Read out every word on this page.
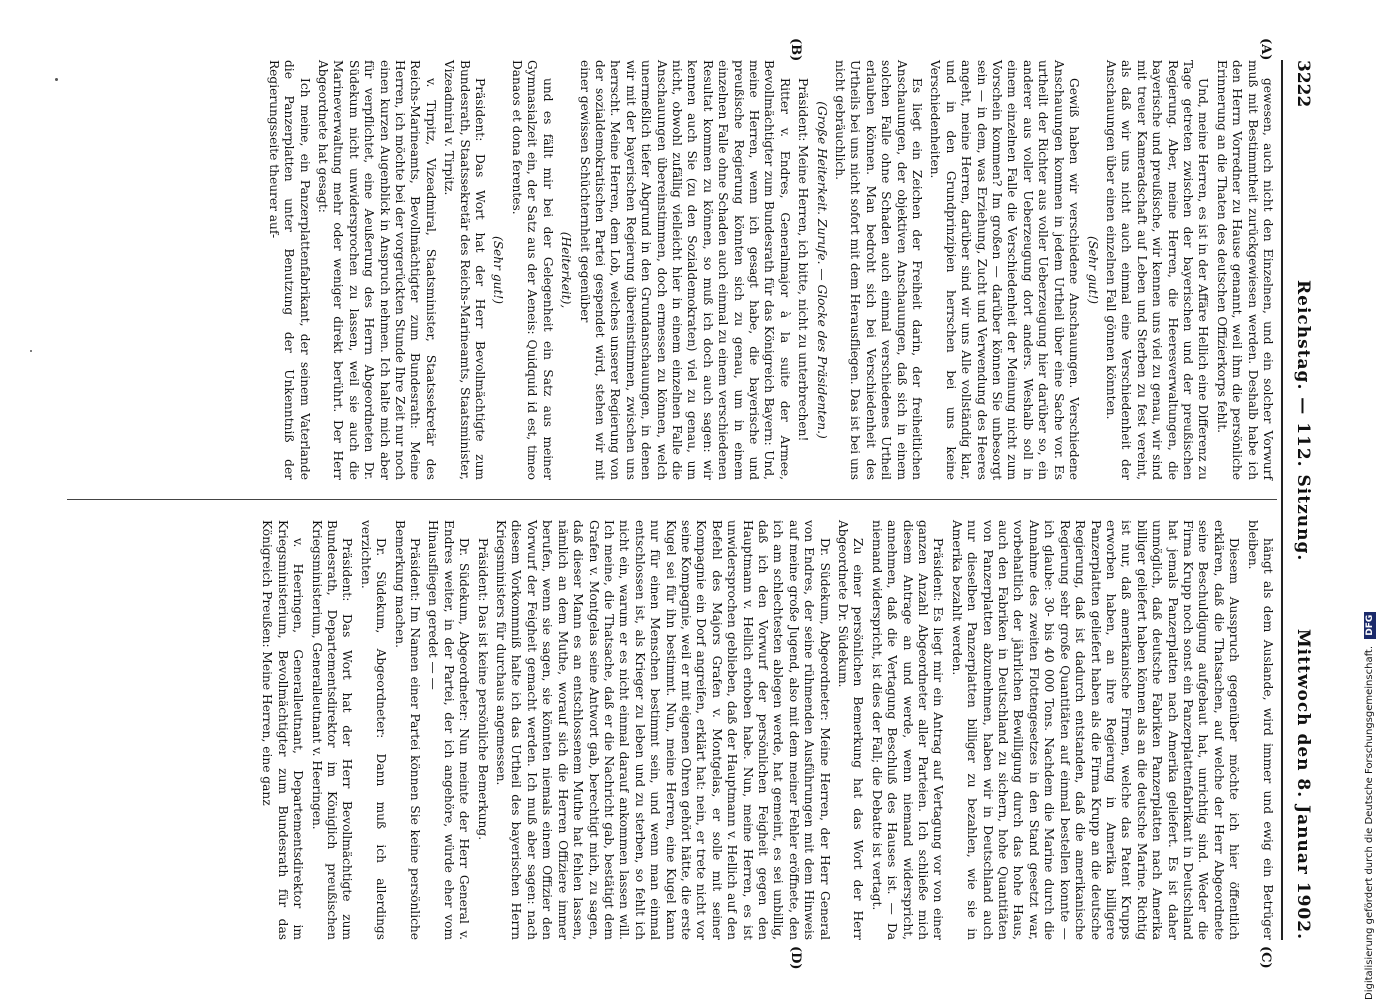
3222
Reichstag. — 112. Sitzung.
Mittwoch den 8. Januar 1902.
(A)
(B)
(C)
(D)

gewesen, auch nicht den Einzelnen, und ein solcher Vorwurf muß mit Bestimmtheit zurückgewiesen werden. Deshalb habe ich den Herrn Vorredner zu Hause genannt, weil ihm die persönliche Erinnerung an die Thaten des deutschen Offizierkorps fehlt.

Und, meine Herren, es ist in der Affäre Hellich eine Differenz zu Tage getreten zwischen der bayerischen und der preußischen Regierung. Aber, meine Herren, die Heeresverwaltungen, die bayerische und preußische, wir kennen uns viel zu genau, wir sind mit treuer Kameradschaft auf Leben und Sterben zu fest vereint, als daß wir uns nicht auch einmal eine Verschiedenheit der Anschauungen über einen einzelnen Fall gönnen könnten.

(Sehr gut!)

Gewiß haben wir verschiedene Anschauungen. Verschiedene Anschauungen kommen in jedem Urtheil über eine Sache vor. Es urtheilt der Richter aus voller Ueberzeugung hier darüber so, ein anderer aus voller Ueberzeugung dort anders. Weshalb soll in einem einzelnen Falle die Verschiedenheit der Meinung nicht zum Vorschein kommen? Im großen — darüber können Sie unbesorgt sein — in dem, was Erziehung, Zucht und Verwendung des Heeres angeht, meine Herren, darüber sind wir uns Alle vollständig klar, und in den Grundprinzipien herrschen bei uns keine Verschiedenheiten.

Es liegt ein Zeichen der Freiheit darin, der freiheitlichen Anschauungen, der objektiven Anschauungen, daß sich in einem solchen Falle ohne Schaden auch einmal verschiedenes Urtheil erlauben können. Man bedroht sich bei Verschiedenheit des Urtheils bei uns nicht sofort mit dem Herausfliegen. Das ist bei uns nicht gebräuchlich.

(Große Heiterkeit. Zurufe. — Glocke des Präsidenten.)

Präsident: Meine Herren, ich bitte, nicht zu unterbrechen!

Ritter v. Endres, Generalmajor à la suite der Armee, Bevollmächtigter zum Bundesrath für das Königreich Bayern: Und, meine Herren, wenn ich gesagt habe, die bayerische und preußische Regierung könnten sich zu genau, um in einem einzelnen Falle ohne Schaden auch einmal zu einem verschiedenen Resultat kommen zu können, so muß ich doch auch sagen: wir kennen auch Sie (zu den Sozialdemokraten) viel zu genau, um nicht, obwohl zufällig vielleicht hier in einem einzelnen Falle die Anschauungen übereinstimmen, doch ermessen zu können, welch unermeßlich tiefer Abgrund in den Grundanschauungen, in denen wir mit der bayerischen Regierung übereinstimmen, zwischen uns herrscht. Meine Herren, dem Lob, welches unserer Regierung von der sozialdemokratischen Partei gespendet wird, stehen wir mit einer gewissen Schüchternheit gegenüber

(Heiterkeit),

und es fällt mir bei der Gelegenheit ein Satz aus meiner Gymnasialzeit ein, der Satz aus der Aeneis: Quidquid id est, timeo Danaos et dona ferentes.

(Sehr gut!)

Präsident: Das Wort hat der Herr Bevollmächtigte zum Bundesrath, Staatssekretär des Reichs-Marineamts, Staatsminister, Vizeadmiral v. Tirpitz.

v. Tirpitz, Vizeadmiral, Staatsminister, Staatssekretär des Reichs-Marineamts, Bevollmächtigter zum Bundesrath: Meine Herren, ich möchte bei der vorgerückten Stunde Ihre Zeit nur noch einen kurzen Augenblick in Anspruch nehmen. Ich halte mich aber für verpflichtet, eine Aeußerung des Herrn Abgeordneten Dr. Südekum nicht unwidersprochen zu lassen, weil sie auch die Marineverwaltung mehr oder weniger direkt berührt. Der Herr Abgeordnete hat gesagt:

Ich meine, ein Panzerplattenfabrikant, der seinem Vaterlande die Panzerplatten unter Benutzung der Unkenntniß der Regierungsseite theurer auf-

hängt als dem Auslande, wird immer und ewig ein Betrüger bleiben.

Diesem Ausspruch gegenüber möchte ich hier öffentlich erklären, daß die Thatsachen, auf welche der Herr Abgeordnete seine Beschuldigung aufgebaut hat, unrichtig sind. Weder die Firma Krupp noch sonst ein Panzerplattenfabrikant in Deutschland hat jemals Panzerplatten nach Amerika geliefert. Es ist daher unmöglich, daß deutsche Fabriken Panzerplatten nach Amerika billiger geliefert haben können als an die deutsche Marine. Richtig ist nur, daß amerikanische Firmen, welche das Patent Krupps erworben haben, an ihre Regierung in Amerika billigere Panzerplatten geliefert haben als die Firma Krupp an die deutsche Regierung, daß ist dadurch entstanden, daß die amerikanische Regierung sehr große Quantitäten auf einmal bestellen konnte — ich glaube: 30- bis 40 000 Tons. Nachdem die Marine durch die Annahme des zweiten Flottengesetzes in den Stand gesetzt war, vorbehaltlich der jährlichen Bewilligung durch das hohe Haus, auch den Fabriken in Deutschland zu sichern, hohe Quantitäten von Panzerplatten abzunehmen, haben wir in Deutschland auch nur dieselben Panzerplatten billiger zu bezahlen, wie sie in Amerika bezahlt werden.

Präsident: Es liegt mir ein Antrag auf Vertagung vor von einer ganzen Anzahl Abgeordneter aller Parteien. Ich schließe mich diesem Antrage an und werde, wenn niemand widerspricht, annehmen, daß die Vertagung Beschluß des Hauses ist. — Da niemand widerspricht, ist dies der Fall; die Debatte ist vertagt.

Zu einer persönlichen Bemerkung hat das Wort der Herr Abgeordnete Dr. Südekum.

Dr. Südekum, Abgeordneter: Meine Herren, der Herr General von Endres, der seine rühmenden Ausführungen mit dem Hinweis auf meine große Jugend, also mit dem meiner Fehler eröffnete, den ich am schlechtesten ablegen werde, hat gemeint, es sei unbillig, daß ich den Vorwurf der persönlichen Feigheit gegen den Hauptmann v. Hellich erhoben habe. Nun, meine Herren, es ist unwidersprochen geblieben, daß der Hauptmann v. Hellich auf den Befehl des Majors Grafen v. Montgelas, er solle mit seiner Kompagnie ein Dorf angreifen, erklärt hat: nein, er trete nicht vor seine Kompagnie, weil er mit eigenen Ohren gehört hätte, die erste Kugel sei für ihn bestimmt. Nun, meine Herren, eine Kugel kann nur für einen Menschen bestimmt sein, und wenn man einmal entschlossen ist, als Krieger zu leben und zu sterben, so fehlt ich nicht ein, warum er es nicht einmal darauf ankommen lassen will. Ich meine, die Thatsache, daß er die Nachricht gab, bestätigt dem Grafen v. Montgelas seine Antwort gab, berechtigt mich, zu sagen, daß dieser Mann es an entschlossenem Muthe hat fehlen lassen, nämlich an dem Muthe, worauf sich die Herren Offiziere immer berufen, wenn sie sagen, sie könnten niemals einem Offizier den Vorwurf der Feigheit gemacht werden. Ich muß aber sagen: nach diesem Vorkommniß halte ich das Urtheil des bayerischen Herrn Kriegsministers für durchaus angemessen.

Präsident: Das ist keine persönliche Bemerkung.

Dr. Südekum, Abgeordneter: Nun meinte der Herr General v. Endres weiter, in der Partei, der ich angehöre, würde eher vom Hinausfliegen geredet — —

Präsident: Im Namen einer Partei können Sie keine persönliche Bemerkung machen.

Dr. Südekum, Abgeordneter: Dann muß ich allerdings verzichten.

Präsident: Das Wort hat der Herr Bevollmächtigte zum Bundesrath, Departementsdirektor im Königlich preußischen Kriegsministerium, Generalleutnant v. Heeringen.

v. Heeringen, Generalleutnant, Departementsdirektor im Kriegsministerium, Bevollmächtigter zum Bundesrath für das Königreich Preußen: Meine Herren, eine ganz	Digitalisierung gefördert durch die Deutsche Forschungsgemeinschaft. DFG
